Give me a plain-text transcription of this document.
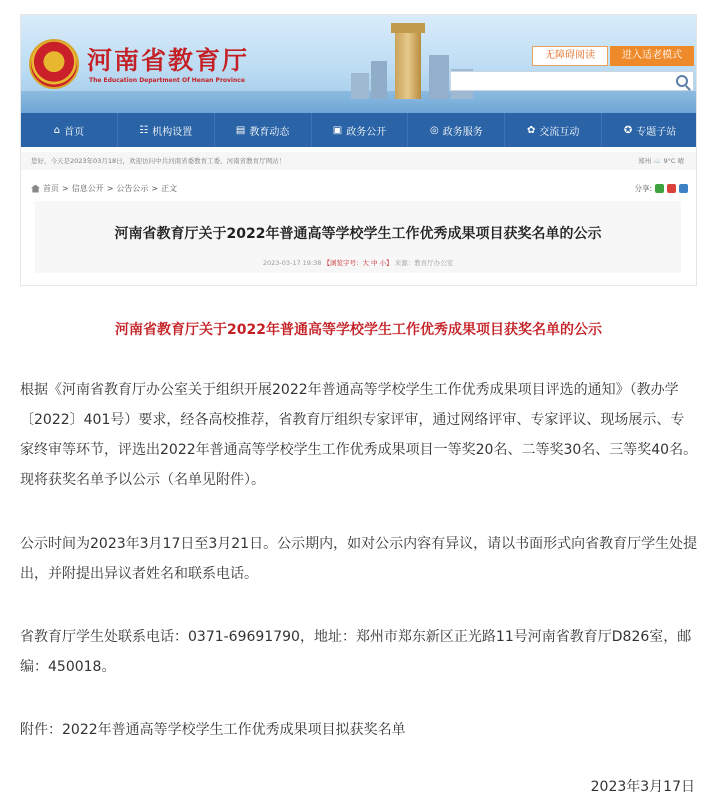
河南省教育厅
The Education Department Of Henan Province
无障碍阅读	进入适老模式
⌂ 首页	☷ 机构设置	▤ 教育动态	▣ 政务公开	◎ 政务服务	✿ 交流互动	✪ 专题子站
您好，今天是2023年03月18日，欢迎访问中共河南省委教育工委、河南省教育厅网站！	郑州 ☁️ 9°C 晴
首页 > 信息公开 > 公告公示 > 正文	分享:
河南省教育厅关于2022年普通高等学校学生工作优秀成果项目获奖名单的公示
2023-03-17 19:38 【浏览字号：大 中 小】 来源：教育厅办公室
河南省教育厅关于2022年普通高等学校学生工作优秀成果项目获奖名单的公示
根据《河南省教育厅办公室关于组织开展2022年普通高等学校学生工作优秀成果项目评选的通知》（教办学〔2022〕401号）要求，经各高校推荐，省教育厅组织专家评审，通过网络评审、专家评议、现场展示、专家终审等环节，评选出2022年普通高等学校学生工作优秀成果项目一等奖20名、二等奖30名、三等奖40名。现将获奖名单予以公示（名单见附件）。
公示时间为2023年3月17日至3月21日。公示期内，如对公示内容有异议，请以书面形式向省教育厅学生处提出，并附提出异议者姓名和联系电话。
省教育厅学生处联系电话：0371-69691790，地址：郑州市郑东新区正光路11号河南省教育厅D826室，邮编：450018。
附件：2022年普通高等学校学生工作优秀成果项目拟获奖名单
2023年3月17日
